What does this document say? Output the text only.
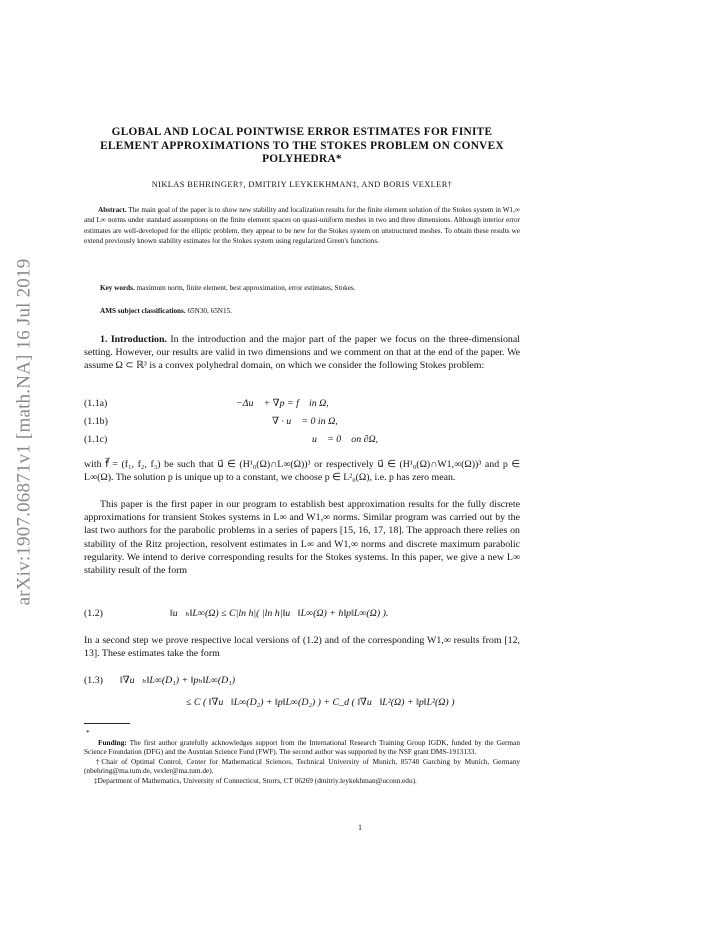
arXiv:1907.06871v1 [math.NA] 16 Jul 2019
GLOBAL AND LOCAL POINTWISE ERROR ESTIMATES FOR FINITE ELEMENT APPROXIMATIONS TO THE STOKES PROBLEM ON CONVEX POLYHEDRA*
NIKLAS BEHRINGER†, DMITRIY LEYKEKHMAN‡, AND BORIS VEXLER†
Abstract. The main goal of the paper is to show new stability and localization results for the finite element solution of the Stokes system in W1,∞ and L∞ norms under standard assumptions on the finite element spaces on quasi-uniform meshes in two and three dimensions. Although interior error estimates are well-developed for the elliptic problem, they appear to be new for the Stokes system on unstructured meshes. To obtain these results we extend previously known stability estimates for the Stokes system using regularized Green's functions.
Key words. maximum norm, finite element, best approximation, error estimates, Stokes.
AMS subject classifications. 65N30, 65N15.
1. Introduction. In the introduction and the major part of the paper we focus on the three-dimensional setting. However, our results are valid in two dimensions and we comment on that at the end of the paper. We assume Ω ⊂ ℝ³ is a convex polyhedral domain, on which we consider the following Stokes problem:
(1.1a)	−Δu⃗ + ∇p = f⃗ in Ω,
(1.1b)	∇ · u⃗ = 0 in Ω,
(1.1c)	u⃗ = 0⃗ on ∂Ω,
with f⃗ = (f₁, f₂, f₃) be such that u⃗ ∈ (H¹₀(Ω)∩L∞(Ω))³ or respectively u⃗ ∈ (H¹₀(Ω)∩W1,∞(Ω))³ and p ∈ L∞(Ω). The solution p is unique up to a constant, we choose p ∈ L²₀(Ω), i.e. p has zero mean.
This paper is the first paper in our program to establish best approximation results for the fully discrete approximations for transient Stokes systems in L∞ and W1,∞ norms. Similar program was carried out by the last two authors for the parabolic problems in a series of papers [15, 16, 17, 18]. The approach there relies on stability of the Ritz projection, resolvent estimates in L∞ and W1,∞ norms and discrete maximum parabolic regularity. We intend to derive corresponding results for the Stokes systems. In this paper, we give a new L∞ stability result of the form
(1.2)	‖u⃗ₕ‖L∞(Ω) ≤ C|ln h|( |ln h|‖u⃗‖L∞(Ω) + h‖p‖L∞(Ω) ).
In a second step we prove respective local versions of (1.2) and of the corresponding W1,∞ results from [12, 13]. These estimates take the form
(1.3) ‖∇u⃗ₕ‖L∞(D₁) + ‖pₕ‖L∞(D₁)
≤ C ( ‖∇u⃗‖L∞(D₂) + ‖p‖L∞(D₂) ) + C_d ( ‖∇u⃗‖L²(Ω) + ‖p‖L²(Ω) )
*
Funding: The first author gratefully acknowledges support from the International Research Training Group IGDK, funded by the German Science Foundation (DFG) and the Austrian Science Fund (FWF). The second author was supported by the NSF grant DMS-1913133.
†Chair of Optimal Control, Center for Mathematical Sciences, Technical University of Munich, 85748 Garching by Munich, Germany (nbehring@ma.tum.de, vexler@ma.tum.de).
‡Department of Mathematics, University of Connecticut, Storrs, CT 06269 (dmitriy.leykekhman@uconn.edu).
1
